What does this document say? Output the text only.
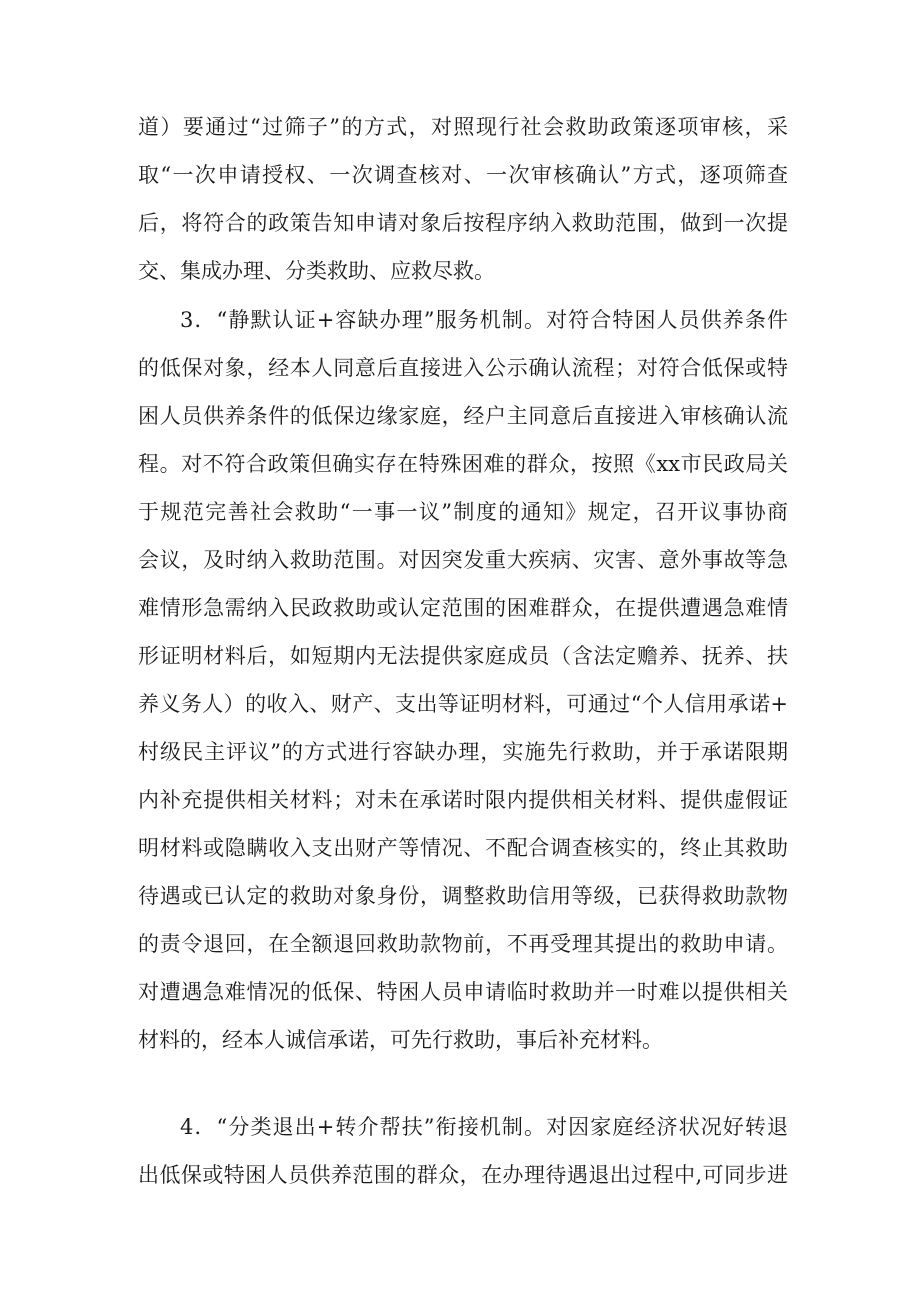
道）要通过“过筛子”的方式，对照现行社会救助政策逐项审核，采
取“一次申请授权、一次调查核对、一次审核确认”方式，逐项筛查
后，将符合的政策告知申请对象后按程序纳入救助范围，做到一次提
交、集成办理、分类救助、应救尽救。
3．“静默认证+容缺办理”服务机制。对符合特困人员供养条件
的低保对象，经本人同意后直接进入公示确认流程；对符合低保或特
困人员供养条件的低保边缘家庭，经户主同意后直接进入审核确认流
程。对不符合政策但确实存在特殊困难的群众，按照《xx市民政局关
于规范完善社会救助“一事一议”制度的通知》规定，召开议事协商
会议，及时纳入救助范围。对因突发重大疾病、灾害、意外事故等急
难情形急需纳入民政救助或认定范围的困难群众，在提供遭遇急难情
形证明材料后，如短期内无法提供家庭成员（含法定赡养、抚养、扶
养义务人）的收入、财产、支出等证明材料，可通过“个人信用承诺+
村级民主评议”的方式进行容缺办理，实施先行救助，并于承诺限期
内补充提供相关材料；对未在承诺时限内提供相关材料、提供虚假证
明材料或隐瞒收入支出财产等情况、不配合调查核实的，终止其救助
待遇或已认定的救助对象身份，调整救助信用等级，已获得救助款物
的责令退回，在全额退回救助款物前，不再受理其提出的救助申请。
对遭遇急难情况的低保、特困人员申请临时救助并一时难以提供相关
材料的，经本人诚信承诺，可先行救助，事后补充材料。
4．“分类退出+转介帮扶”衔接机制。对因家庭经济状况好转退
出低保或特困人员供养范围的群众，在办理待遇退出过程中,可同步进
